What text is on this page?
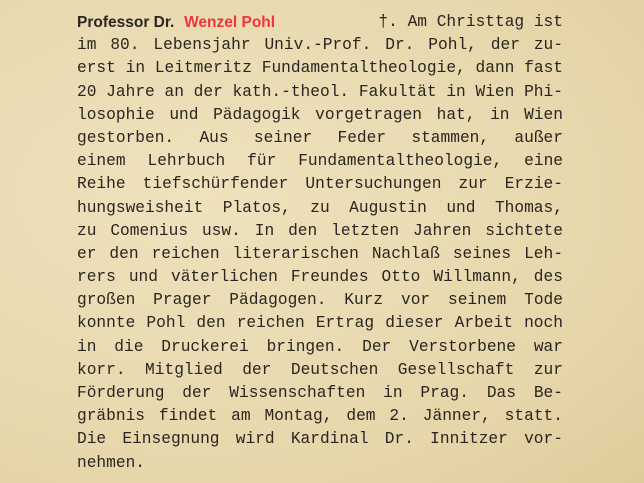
Professor Dr. Wenzel Pohl	†. Am Christtag ist
im 80. Lebensjahr Univ.-Prof. Dr. Pohl, der zu-
erst in Leitmeritz Fundamentaltheologie, dann fast
20 Jahre an der kath.-theol. Fakultät in Wien Phi-
losophie und Pädagogik vorgetragen hat, in Wien
gestorben. Aus seiner Feder stammen, außer
einem Lehrbuch für Fundamentaltheologie, eine
Reihe tiefschürfender Untersuchungen zur Erzie-
hungsweisheit Platos, zu Augustin und Thomas,
zu Comenius usw. In den letzten Jahren sichtete
er den reichen literarischen Nachlaß seines Leh-
rers und väterlichen Freundes Otto Willmann, des
großen Prager Pädagogen. Kurz vor seinem Tode
konnte Pohl den reichen Ertrag dieser Arbeit noch
in die Druckerei bringen. Der Verstorbene war
korr. Mitglied der Deutschen Gesellschaft zur
Förderung der Wissenschaften in Prag. Das Be-
gräbnis findet am Montag, dem 2. Jänner, statt.
Die Einsegnung wird Kardinal Dr. Innitzer vor-
nehmen.
